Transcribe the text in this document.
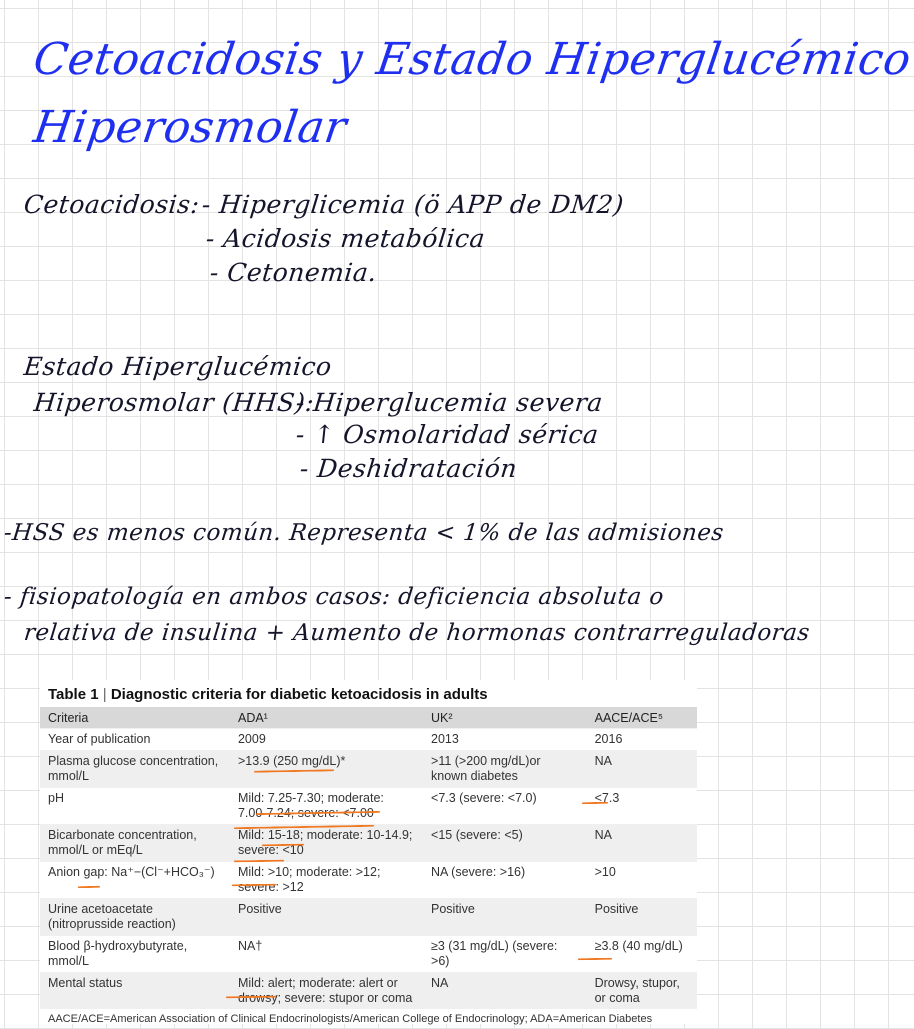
Cetoacidosis y Estado Hiperglucémico
Hiperosmolar
Cetoacidosis: - Hiperglicemia (ö APP de DM2)
- Acidosis metabólica
- Cetonemia.
Estado Hiperglucémico
Hiperosmolar (HHS):
- Hiperglucemia severa
- ↑ Osmolaridad sérica
- Deshidratación
-HSS es menos común. Representa < 1% de las admisiones
- fisiopatología en ambos casos: deficiencia absoluta o
relativa de insulina + Aumento de hormonas contrarreguladoras
Table 1 | Diagnostic criteria for diabetic ketoacidosis in adults
Criteria	ADA¹	UK²	AACE/ACE⁵
Year of publication	2009	2013	2016
Plasma glucose concentration, mmol/L	>13.9 (250 mg/dL)*	>11 (>200 mg/dL)or known diabetes	NA
pH	Mild: 7.25-7.30; moderate: 7.00-7.24; severe: <7.00	<7.3 (severe: <7.0)	<7.3
Bicarbonate concentration, mmol/L or mEq/L	Mild: 15-18; moderate: 10-14.9; severe: <10	<15 (severe: <5)	NA
Anion gap: Na⁺−(Cl⁻+HCO₃⁻)	Mild: >10; moderate: >12; severe: >12	NA (severe: >16)	>10
Urine acetoacetate (nitroprusside reaction)	Positive	Positive	Positive
Blood β-hydroxybutyrate, mmol/L	NA†	≥3 (31 mg/dL) (severe: >6)	≥3.8 (40 mg/dL)
Mental status	Mild: alert; moderate: alert or drowsy; severe: stupor or coma	NA	Drowsy, stupor, or coma
AACE/ACE=American Association of Clinical Endocrinologists/American College of Endocrinology; ADA=American Diabetes
